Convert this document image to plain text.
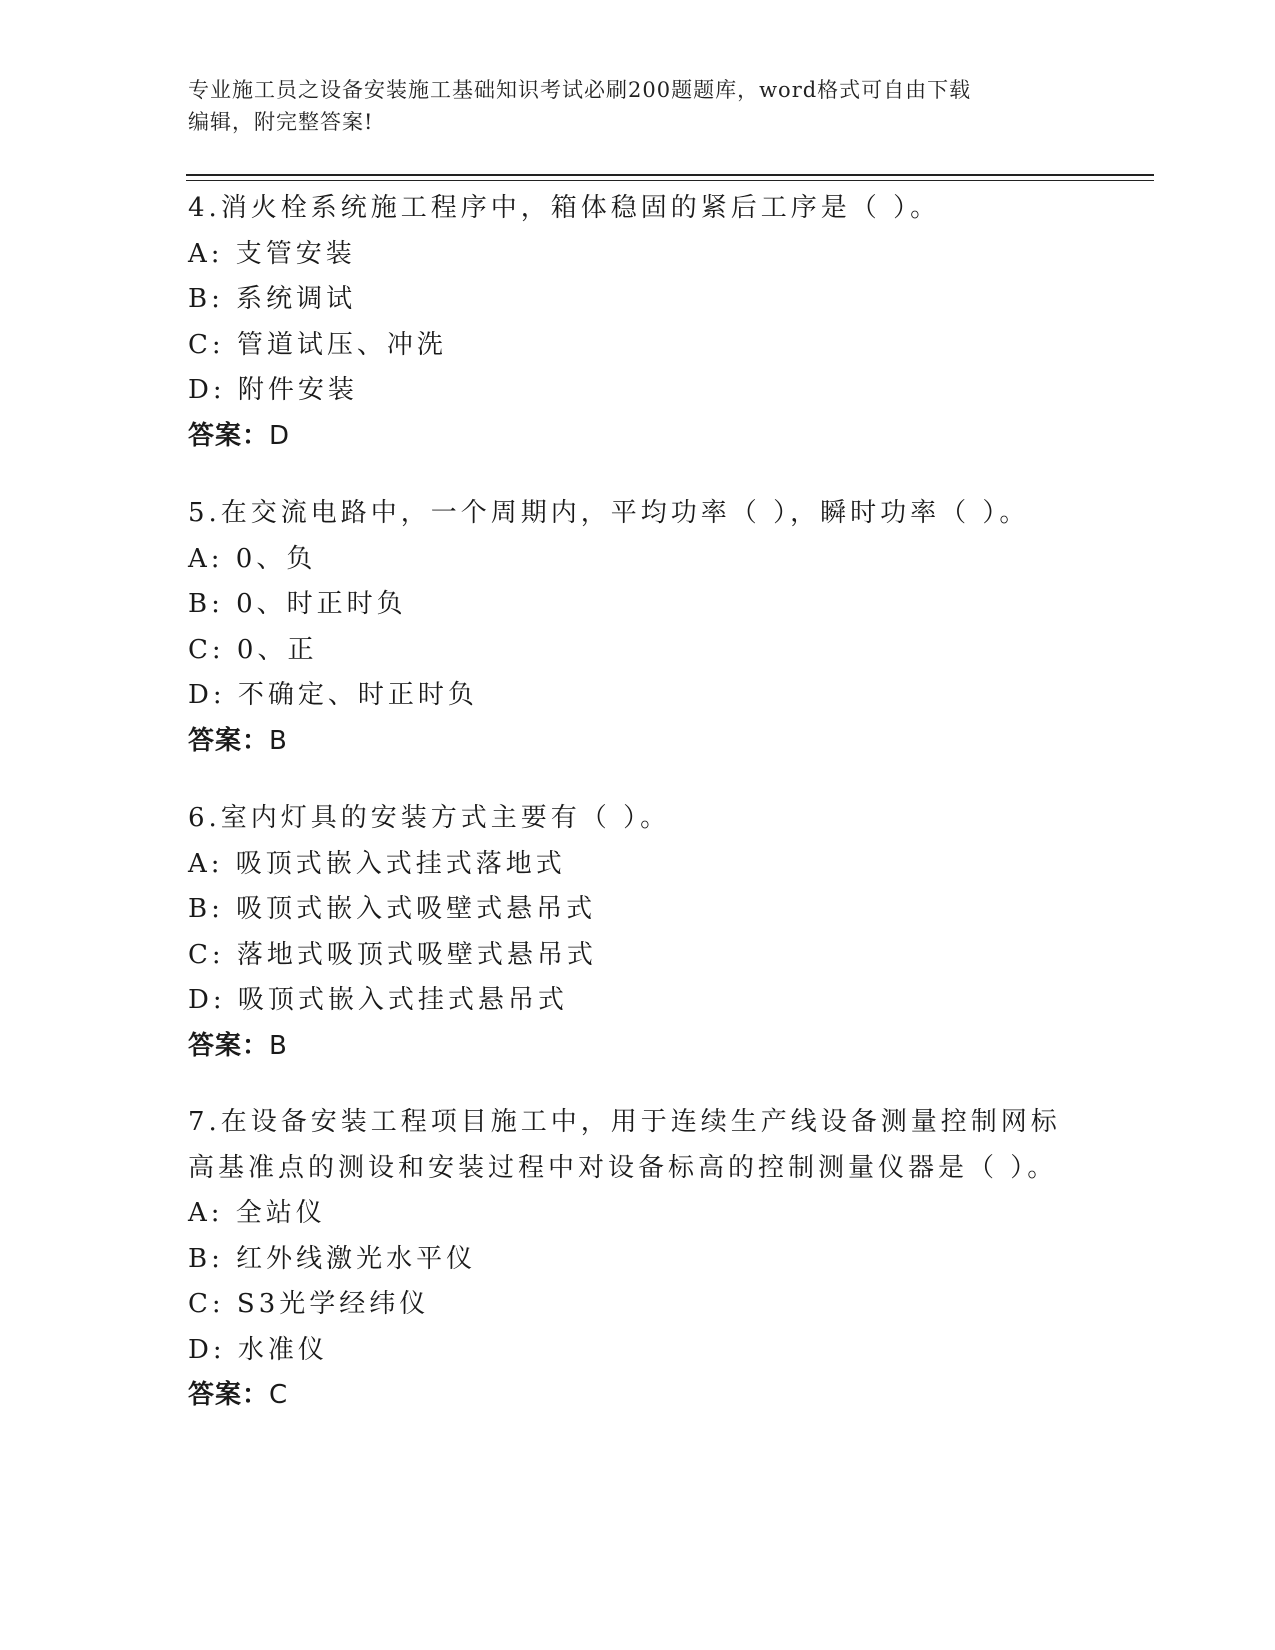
专业施工员之设备安装施工基础知识考试必刷200题题库，word格式可自由下载
编辑，附完整答案!

4.消火栓系统施工程序中，箱体稳固的紧后工序是（ ）。

A: 支管安装

B: 系统调试

C: 管道试压、冲洗

D: 附件安装

答案：D

5.在交流电路中，一个周期内，平均功率（ ），瞬时功率（ ）。

A: 0、负

B: 0、时正时负

C: 0、正

D: 不确定、时正时负

答案：B

6.室内灯具的安装方式主要有（ ）。

A: 吸顶式嵌入式挂式落地式

B: 吸顶式嵌入式吸壁式悬吊式

C: 落地式吸顶式吸壁式悬吊式

D: 吸顶式嵌入式挂式悬吊式

答案：B

7.在设备安装工程项目施工中，用于连续生产线设备测量控制网标高基准点的测设和安装过程中对设备标高的控制测量仪器是（ ）。

A: 全站仪

B: 红外线激光水平仪

C: S3光学经纬仪

D: 水准仪

答案：C
